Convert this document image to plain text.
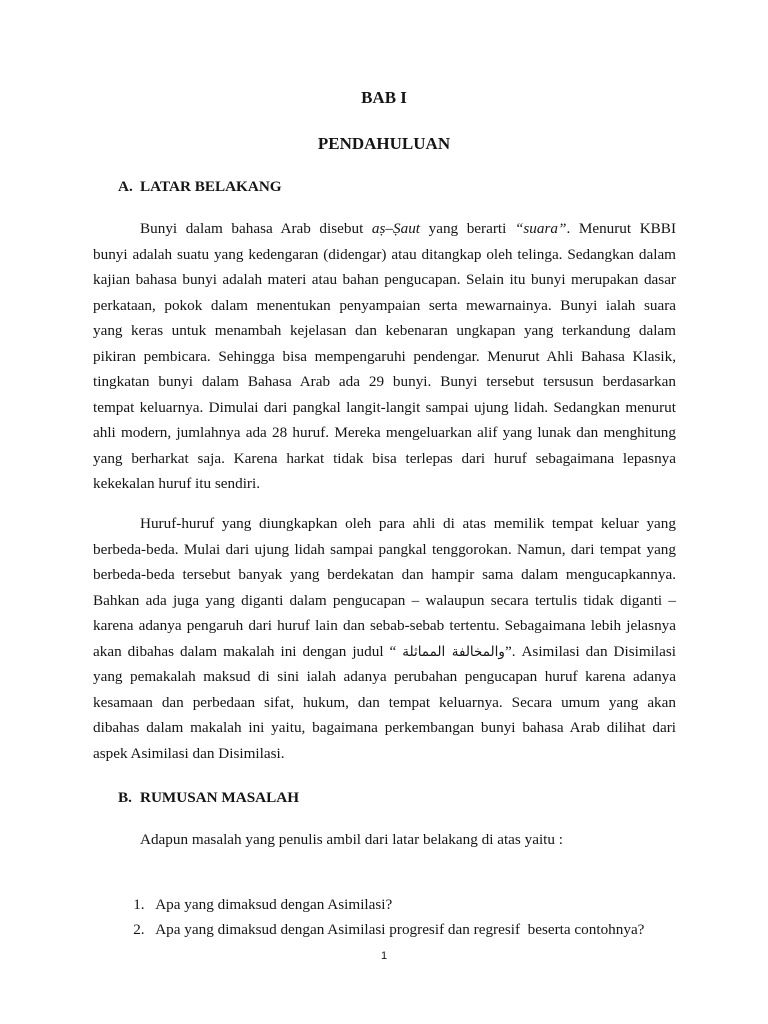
BAB I
PENDAHULUAN
A. LATAR BELAKANG
Bunyi dalam bahasa Arab disebut aṣ–Ṣaut yang berarti “suara”. Menurut KBBI
bunyi adalah suatu yang kedengaran (didengar) atau ditangkap oleh telinga. Sedangkan dalam
kajian bahasa bunyi adalah materi atau bahan pengucapan. Selain itu bunyi merupakan dasar
perkataan, pokok dalam menentukan penyampaian serta mewarnainya. Bunyi ialah suara
yang keras untuk menambah kejelasan dan kebenaran ungkapan yang terkandung dalam
pikiran pembicara. Sehingga bisa mempengaruhi pendengar. Menurut Ahli Bahasa Klasik,
tingkatan bunyi dalam Bahasa Arab ada 29 bunyi. Bunyi tersebut tersusun berdasarkan
tempat keluarnya. Dimulai dari pangkal langit-langit sampai ujung lidah. Sedangkan menurut
ahli modern, jumlahnya ada 28 huruf. Mereka mengeluarkan alif yang lunak dan menghitung
yang berharkat saja. Karena harkat tidak bisa terlepas dari huruf sebagaimana lepasnya
kekekalan huruf itu sendiri.
Huruf-huruf yang diungkapkan oleh para ahli di atas memilik tempat keluar yang
berbeda-beda. Mulai dari ujung lidah sampai pangkal tenggorokan. Namun, dari tempat yang
berbeda-beda tersebut banyak yang berdekatan dan hampir sama dalam mengucapkannya.
Bahkan ada juga yang diganti dalam pengucapan – walaupun secara tertulis tidak diganti –
karena adanya pengaruh dari huruf lain dan sebab-sebab tertentu. Sebagaimana lebih jelasnya
akan dibahas dalam makalah ini dengan judul “ والمخالفة المماثلة”. Asimilasi dan Disimilasi
yang pemakalah maksud di sini ialah adanya perubahan pengucapan huruf karena adanya
kesamaan dan perbedaan sifat, hukum, dan tempat keluarnya. Secara umum yang akan
dibahas dalam makalah ini yaitu, bagaimana perkembangan bunyi bahasa Arab dilihat dari
aspek Asimilasi dan Disimilasi.
B. RUMUSAN MASALAH
Adapun masalah yang penulis ambil dari latar belakang di atas yaitu :

1. Apa yang dimaksud dengan Asimilasi?

2. Apa yang dimaksud dengan Asimilasi progresif dan regresif  beserta contohnya?

1
